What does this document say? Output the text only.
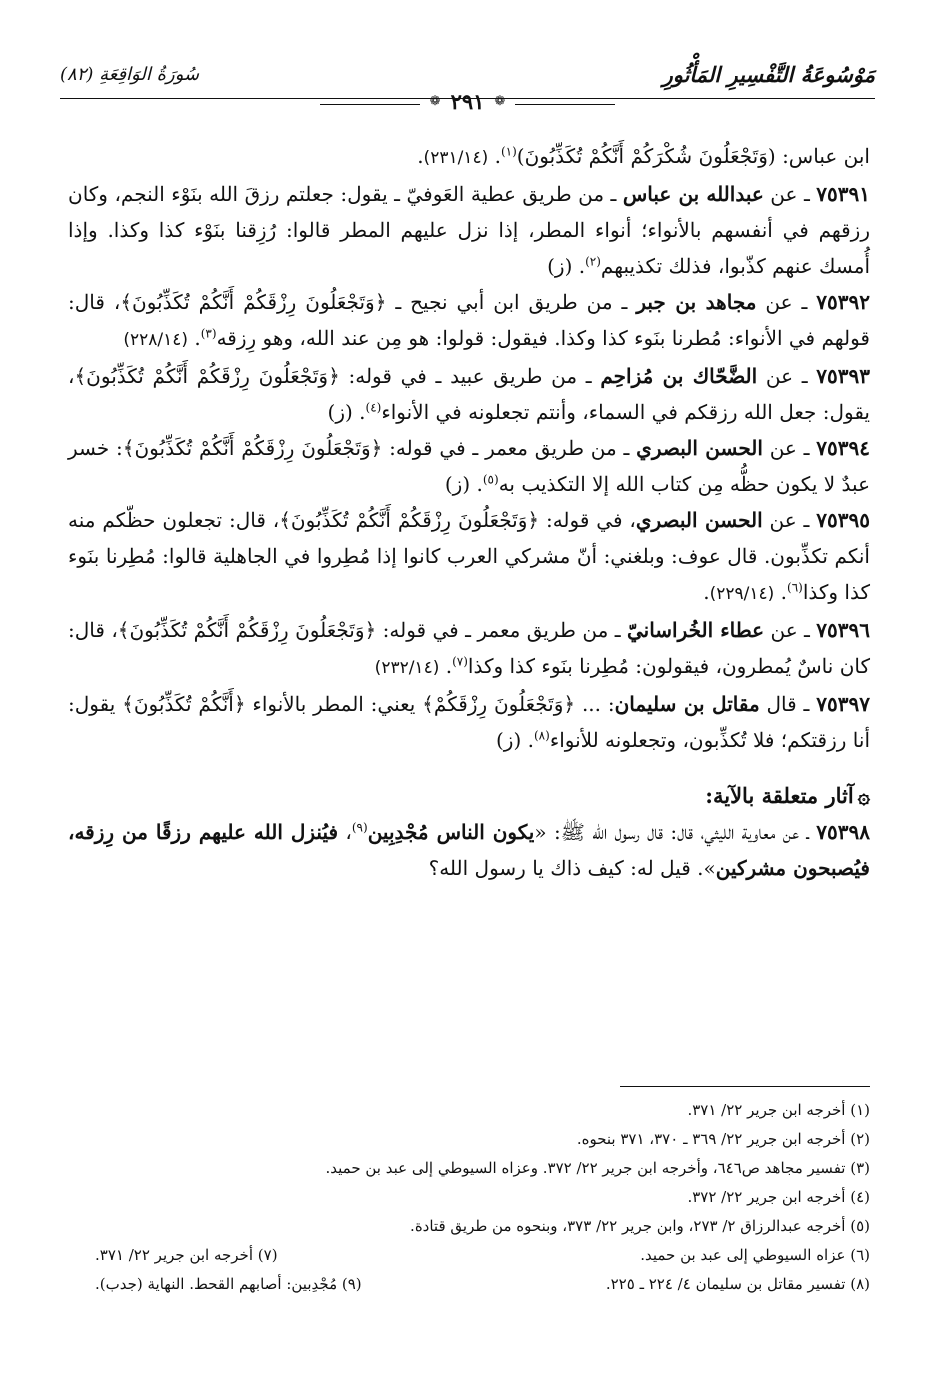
مَوْسُوعَةُ التَّفْسِيرِ المَأْثُورِ
سُورَةُ الوَاقِعَةِ (٨٢)
❁
٢٩١
❁

ابن عباس: (وَتَجْعَلُونَ شُكْرَكُمْ أَنَّكُمْ تُكَذِّبُونَ)$^{(١)}$. (٢٣١/١٤).

٧٥٣٩١ ـ عن عبدالله بن عباس ـ من طريق عطية العَوفيّ ـ يقول: جعلتم رزقَ الله بنَوْء النجم، وكان رزقهم في أنفسهم بالأنواء؛ أنواء المطر، إذا نزل عليهم المطر قالوا: رُزِقنا بنَوْء كذا وكذا. وإذا أُمسك عنهم كذّبوا، فذلك تكذيبهم$^{(٢)}$. (ز)

٧٥٣٩٢ ـ عن مجاهد بن جبر ـ من طريق ابن أبي نجيح ـ ﴿وَتَجْعَلُونَ رِزْقَكُمْ أَنَّكُمْ تُكَذِّبُونَ﴾، قال: قولهم في الأنواء: مُطرنا بنَوء كذا وكذا. فيقول: قولوا: هو مِن عند الله، وهو رِزقه$^{(٣)}$. (٢٢٨/١٤)

٧٥٣٩٣ ـ عن الضَّحّاك بن مُزاحِم ـ من طريق عبيد ـ في قوله: ﴿وَتَجْعَلُونَ رِزْقَكُمْ أَنَّكُمْ تُكَذِّبُونَ﴾، يقول: جعل الله رزقكم في السماء، وأنتم تجعلونه في الأنواء$^{(٤)}$. (ز)

٧٥٣٩٤ ـ عن الحسن البصري ـ من طريق معمر ـ في قوله: ﴿وَتَجْعَلُونَ رِزْقَكُمْ أَنَّكُمْ تُكَذِّبُونَ﴾: خسر عبدٌ لا يكون حظُّه مِن كتاب الله إلا التكذيب به$^{(٥)}$. (ز)

٧٥٣٩٥ ـ عن الحسن البصري، في قوله: ﴿وَتَجْعَلُونَ رِزْقَكُمْ أَنَّكُمْ تُكَذِّبُونَ﴾، قال: تجعلون حظّكم منه أنكم تكذِّبون. قال عوف: وبلغني: أنّ مشركي العرب كانوا إذا مُطِروا في الجاهلية قالوا: مُطِرنا بنَوء كذا وكذا$^{(٦)}$. (٢٢٩/١٤).

٧٥٣٩٦ ـ عن عطاء الخُراسانيّ ـ من طريق معمر ـ في قوله: ﴿وَتَجْعَلُونَ رِزْقَكُمْ أَنَّكُمْ تُكَذِّبُونَ﴾، قال: كان ناسٌ يُمطرون، فيقولون: مُطِرنا بنَوء كذا وكذا$^{(٧)}$. (٢٣٢/١٤)

٧٥٣٩٧ ـ قال مقاتل بن سليمان: ... ﴿وَتَجْعَلُونَ رِزْقَكُمْ﴾ يعني: المطر بالأنواء ﴿أَنَّكُمْ تُكَذِّبُونَ﴾ يقول: أنا رزقتكم؛ فلا تُكذِّبون، وتجعلونه للأنواء$^{(٨)}$. (ز)

۞آثار متعلقة بالآية:

٧٥٣٩٨ ـ عن معاوية الليثي، قال: قال رسول الله ﷺ: «يكون الناس مُجْدِبِين$^{(٩)}$، فيُنزل الله عليهم رزقًا من رِزقه، فيُصبحون مشركين». قيل له: كيف ذاك يا رسول الله؟

(١) أخرجه ابن جرير ٢٢/ ٣٧١.
(٢) أخرجه ابن جرير ٢٢/ ٣٦٩ ـ ٣٧٠، ٣٧١ بنحوه.
(٣) تفسير مجاهد ص٦٤٦، وأخرجه ابن جرير ٢٢/ ٣٧٢. وعزاه السيوطي إلى عبد بن حميد.
(٤) أخرجه ابن جرير ٢٢/ ٣٧٢.
(٥) أخرجه عبدالرزاق ٢/ ٢٧٣، وابن جرير ٢٢/ ٣٧٣، وبنحوه من طريق قتادة.
(٦) عزاه السيوطي إلى عبد بن حميد.
(٧) أخرجه ابن جرير ٢٢/ ٣٧١.
(٨) تفسير مقاتل بن سليمان ٤/ ٢٢٤ ـ ٢٢٥.
(٩) مُجْدِبين: أصابهم القحط. النهاية (جدب).
